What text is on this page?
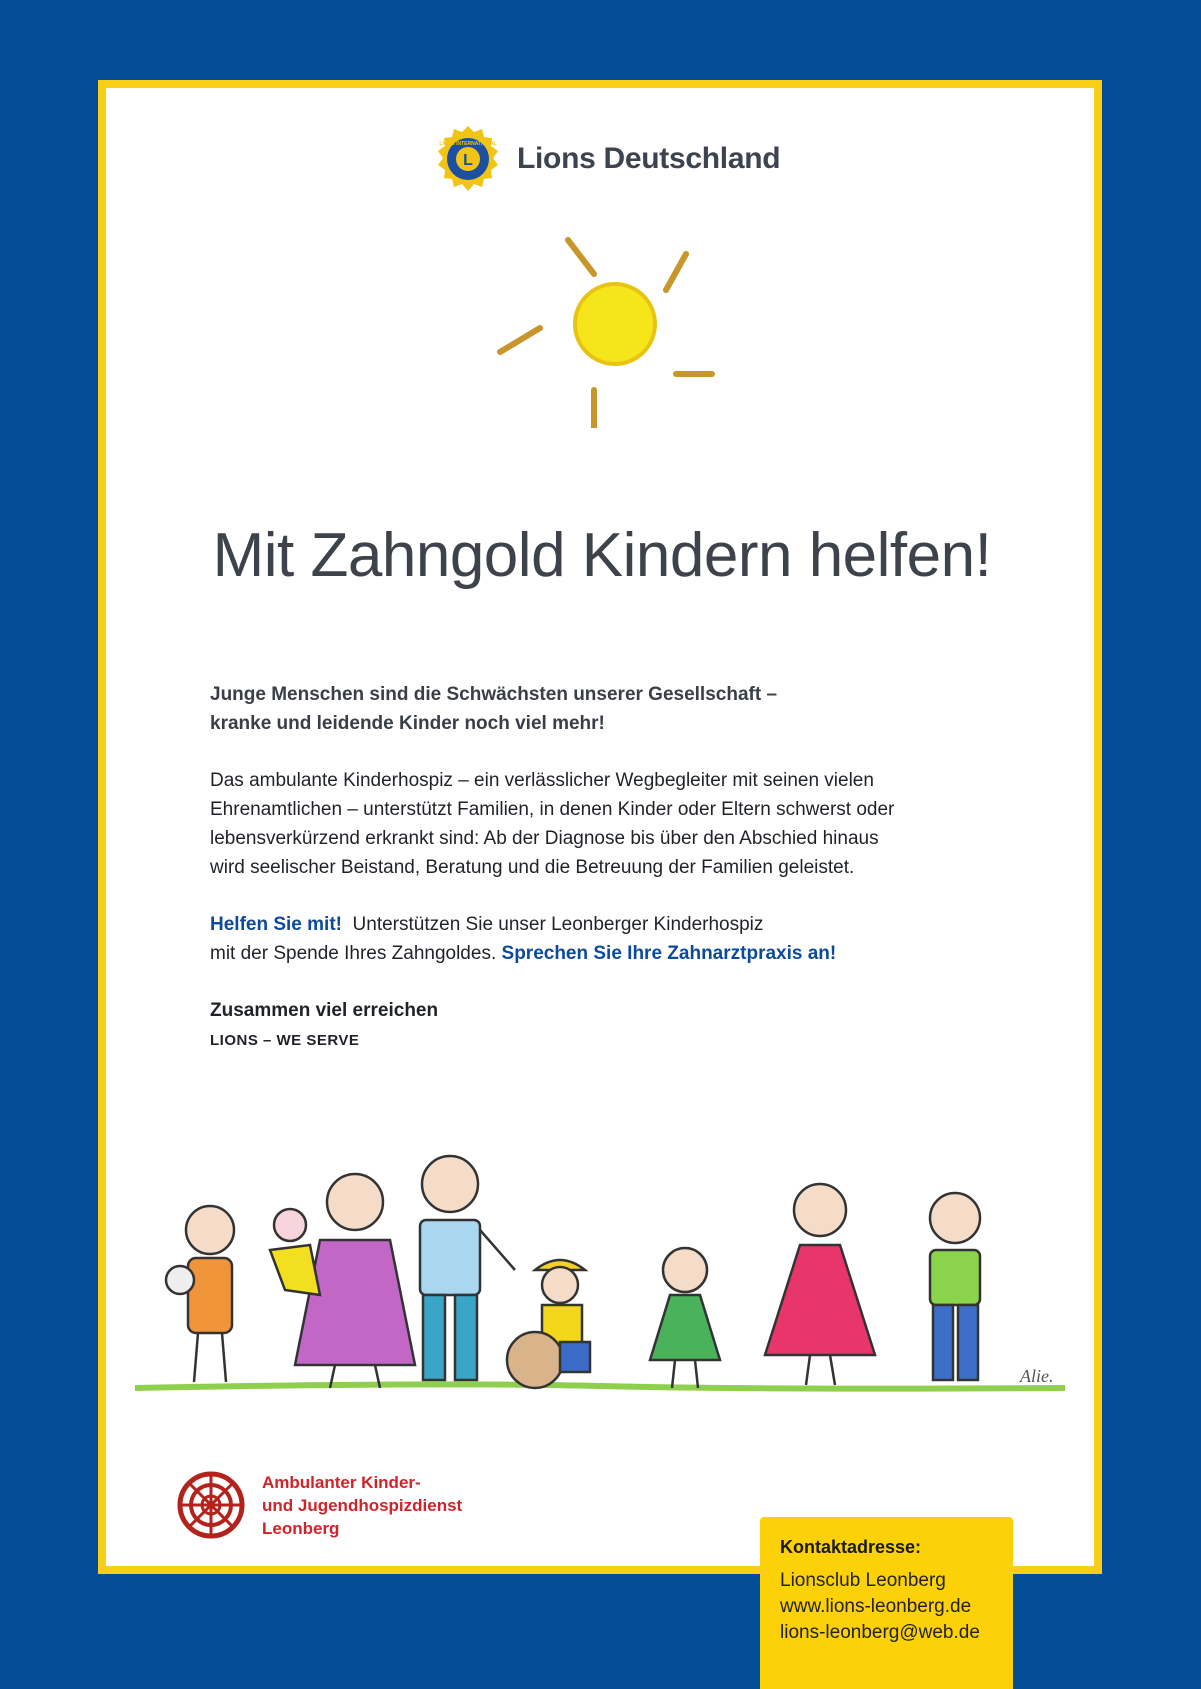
L
LIONS INTERNATIONAL Lions Deutschland
Mit Zahngold Kindern helfen!

Junge Menschen sind die Schwächsten unserer Gesellschaft –
kranke und leidende Kinder noch viel mehr!

Das ambulante Kinderhospiz – ein verlässlicher Wegbegleiter mit seinen vielen
Ehrenamtlichen – unterstützt Familien, in denen Kinder oder Eltern schwerst oder
lebensverkürzend erkrankt sind: Ab der Diagnose bis über den Abschied hinaus
wird seelischer Beistand, Beratung und die Betreuung der Familien geleistet.

Helfen Sie mit! Unterstützen Sie unser Leonberger Kinderhospiz
mit der Spende Ihres Zahngoldes. Sprechen Sie Ihre Zahnarztpraxis an!

Zusammen viel erreichen

LIONS – WE SERVE

Alie.
Ambulanter Kinder-
und Jugendhospizdienst
Leonberg
Kontaktadresse:
Lionsclub Leonberg
www.lions-leonberg.de
lions-leonberg@web.de
